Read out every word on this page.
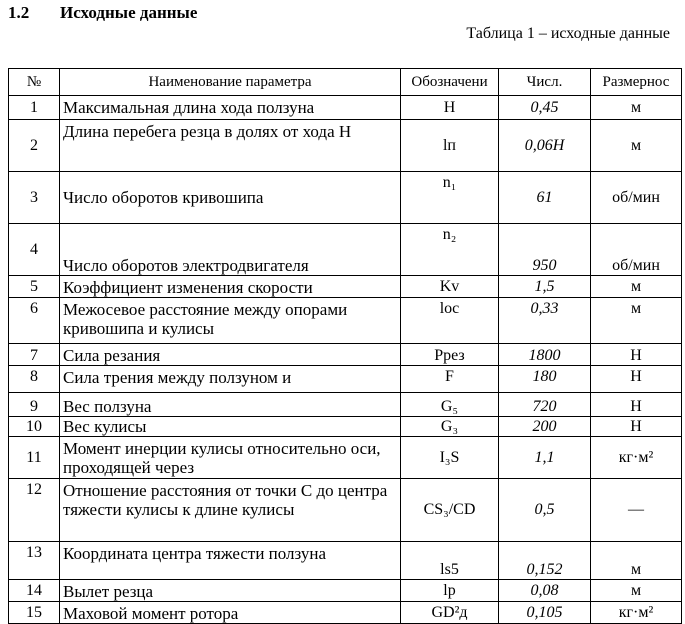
1.2 Исходные данные
Таблица 1 – исходные данные
№	Наименование параметра	Обозначени	Числ.	Размернос
1	Максимальная длина хода ползуна	H	0,45	м
2	Длина перебега резца в долях от хода Н	lп	0,06H	м
3	Число оборотов кривошипа	n₁	61	об/мин
4	Число оборотов электродвигателя	n₂	950	об/мин
5	Коэффициент изменения скорости	Kv	1,5	м
6	Межосевое расстояние между опорами кривошипа и кулисы	loc	0,33	м
7	Сила резания	Ррез	1800	Н
8	Сила трения между ползуном и	F	180	Н
9	Вес ползуна	G₅	720	Н
10	Вес кулисы	G₃	200	Н
11	Момент инерции кулисы относительно оси, проходящей через	I₃S	1,1	кг·м²
12	Отношение расстояния от точки С до центра тяжести кулисы к длине кулисы	CS₃/CD	0,5	—
13	Координата центра тяжести ползуна	ls5	0,152	м
14	Вылет резца	lр	0,08	м
15	Маховой момент ротора	GD²д	0,105	кг·м²
